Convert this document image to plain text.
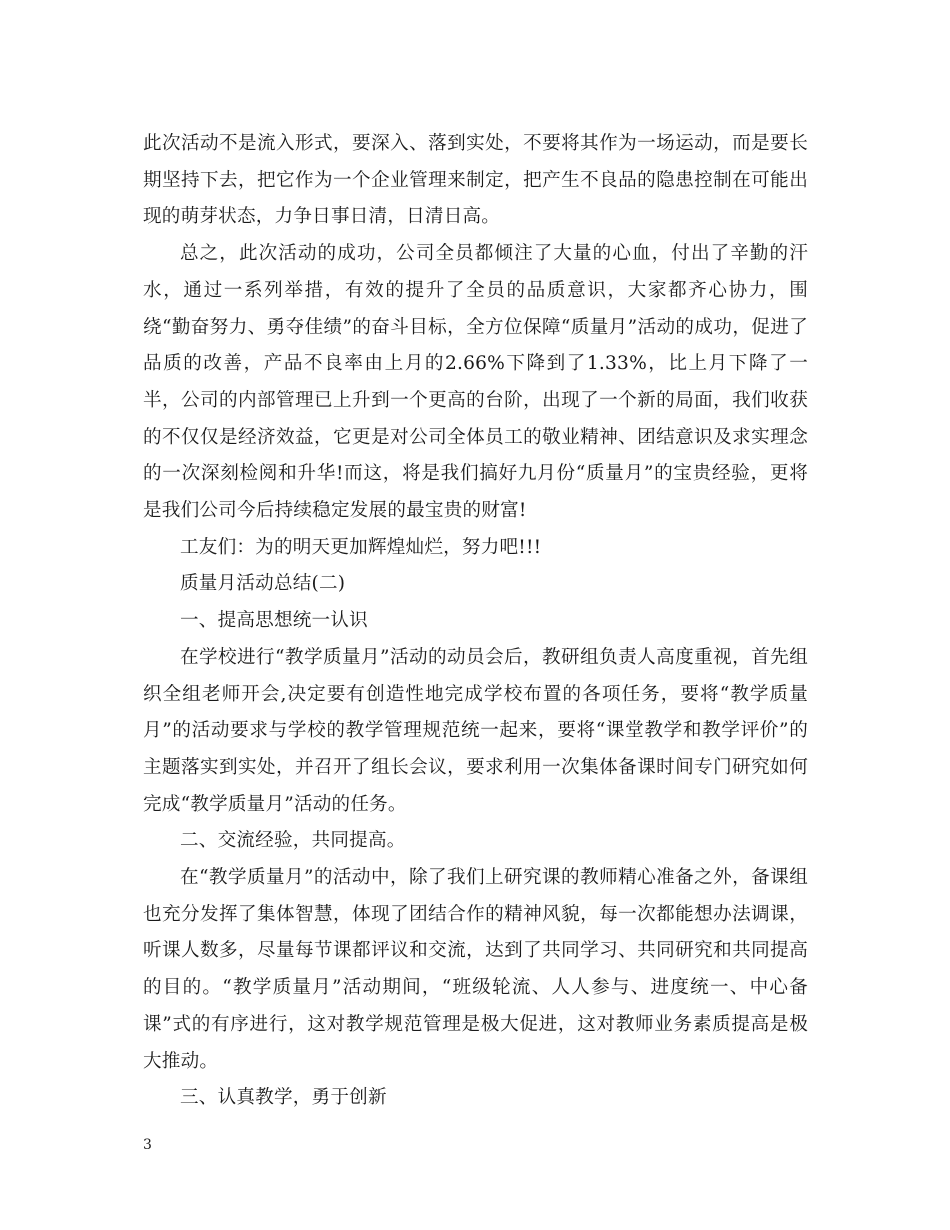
此次活动不是流入形式，要深入、落到实处，不要将其作为一场运动，而是要长期坚持下去，把它作为一个企业管理来制定，把产生不良品的隐患控制在可能出现的萌芽状态，力争日事日清，日清日高。

总之，此次活动的成功，公司全员都倾注了大量的心血，付出了辛勤的汗水，通过一系列举措，有效的提升了全员的品质意识，大家都齐心协力，围绕“勤奋努力、勇夺佳绩”的奋斗目标，全方位保障“质量月”活动的成功，促进了品质的改善，产品不良率由上月的2.66%下降到了1.33%，比上月下降了一半，公司的内部管理已上升到一个更高的台阶，出现了一个新的局面，我们收获的不仅仅是经济效益，它更是对公司全体员工的敬业精神、团结意识及求实理念的一次深刻检阅和升华!而这，将是我们搞好九月份“质量月”的宝贵经验，更将是我们公司今后持续稳定发展的最宝贵的财富!

工友们：为的明天更加辉煌灿烂，努力吧!!!

质量月活动总结(二)

一、提高思想统一认识

在学校进行“教学质量月”活动的动员会后，教研组负责人高度重视，首先组织全组老师开会,决定要有创造性地完成学校布置的各项任务，要将“教学质量月”的活动要求与学校的教学管理规范统一起来，要将“课堂教学和教学评价”的主题落实到实处，并召开了组长会议，要求利用一次集体备课时间专门研究如何完成“教学质量月”活动的任务。

二、交流经验，共同提高。

在“教学质量月”的活动中，除了我们上研究课的教师精心准备之外，备课组也充分发挥了集体智慧，体现了团结合作的精神风貌，每一次都能想办法调课，听课人数多，尽量每节课都评议和交流，达到了共同学习、共同研究和共同提高的目的。“教学质量月”活动期间，“班级轮流、人人参与、进度统一、中心备课”式的有序进行，这对教学规范管理是极大促进，这对教师业务素质提高是极大推动。

三、认真教学，勇于创新

3
